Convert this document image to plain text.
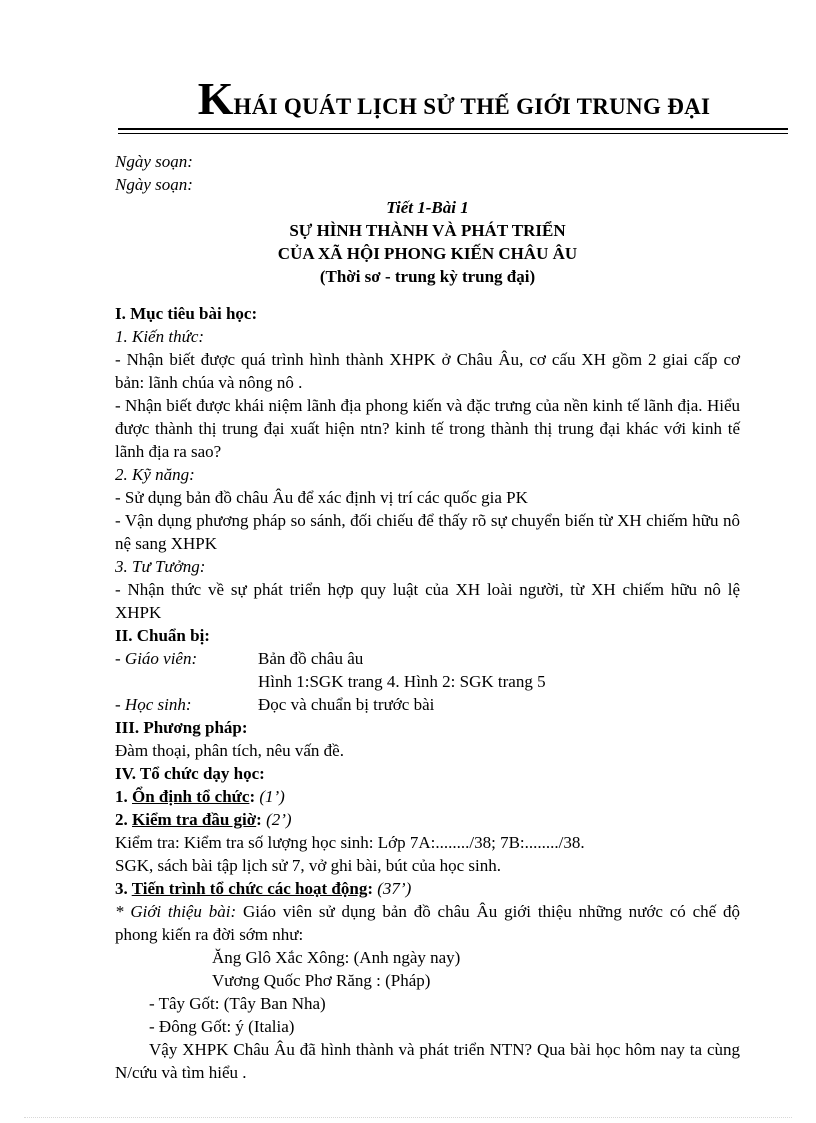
KHÁI QUÁT LỊCH SỬ THẾ GIỚI TRUNG ĐẠI

Ngày soạn:

Ngày soạn:

Tiết 1-Bài 1

SỰ HÌNH THÀNH VÀ PHÁT TRIỂN

CỦA XÃ HỘI PHONG KIẾN CHÂU ÂU

(Thời sơ - trung kỳ trung đại)

I. Mục tiêu bài học:

1. Kiến thức:

- Nhận biết được quá trình hình thành XHPK ở Châu Âu, cơ cấu XH gồm 2 giai cấp cơ bản: lãnh chúa và nông nô .

- Nhận biết được khái niệm lãnh địa phong kiến và đặc trưng của nền kinh tế lãnh địa. Hiểu được thành thị trung đại xuất hiện ntn? kinh tế trong thành thị trung đại khác với kinh tế lãnh địa ra sao?

2. Kỹ năng:

- Sử dụng bản đồ châu Âu để xác định vị trí các quốc gia PK

- Vận dụng phương pháp so sánh, đối chiếu để thấy rõ sự chuyển biến từ XH chiếm hữu nô nệ sang XHPK

3. Tư Tưởng:

- Nhận thức về sự phát triển hợp quy luật của XH loài người, từ XH chiếm hữu nô lệ XHPK

II. Chuẩn bị:

- Giáo viên:	Bản đồ châu âu

Hình 1:SGK trang 4. Hình 2: SGK trang 5

- Học sinh:	Đọc và chuẩn bị trước bài

III. Phương pháp:

Đàm thoại, phân tích, nêu vấn đề.

IV. Tổ chức dạy học:

1. Ổn định tổ chức: (1’)

2. Kiểm tra đầu giờ: (2’)

Kiểm tra: Kiểm tra số lượng học sinh: Lớp 7A:......../38; 7B:......../38.

SGK, sách bài tập lịch sử 7, vở ghi bài, bút của học sinh.

3. Tiến trình tổ chức các hoạt động: (37’)

* Giới thiệu bài: Giáo viên sử dụng bản đồ châu Âu giới thiệu những nước có chế độ phong kiến ra đời sớm như:

Ăng Glô Xắc Xông: (Anh ngày nay)

Vương Quốc Phơ Răng : (Pháp)

- Tây Gốt: (Tây Ban Nha)

- Đông Gốt: ý (Italia)

Vậy XHPK Châu Âu đã hình thành và phát triển NTN? Qua bài học hôm nay ta cùng N/cứu và tìm hiểu .
